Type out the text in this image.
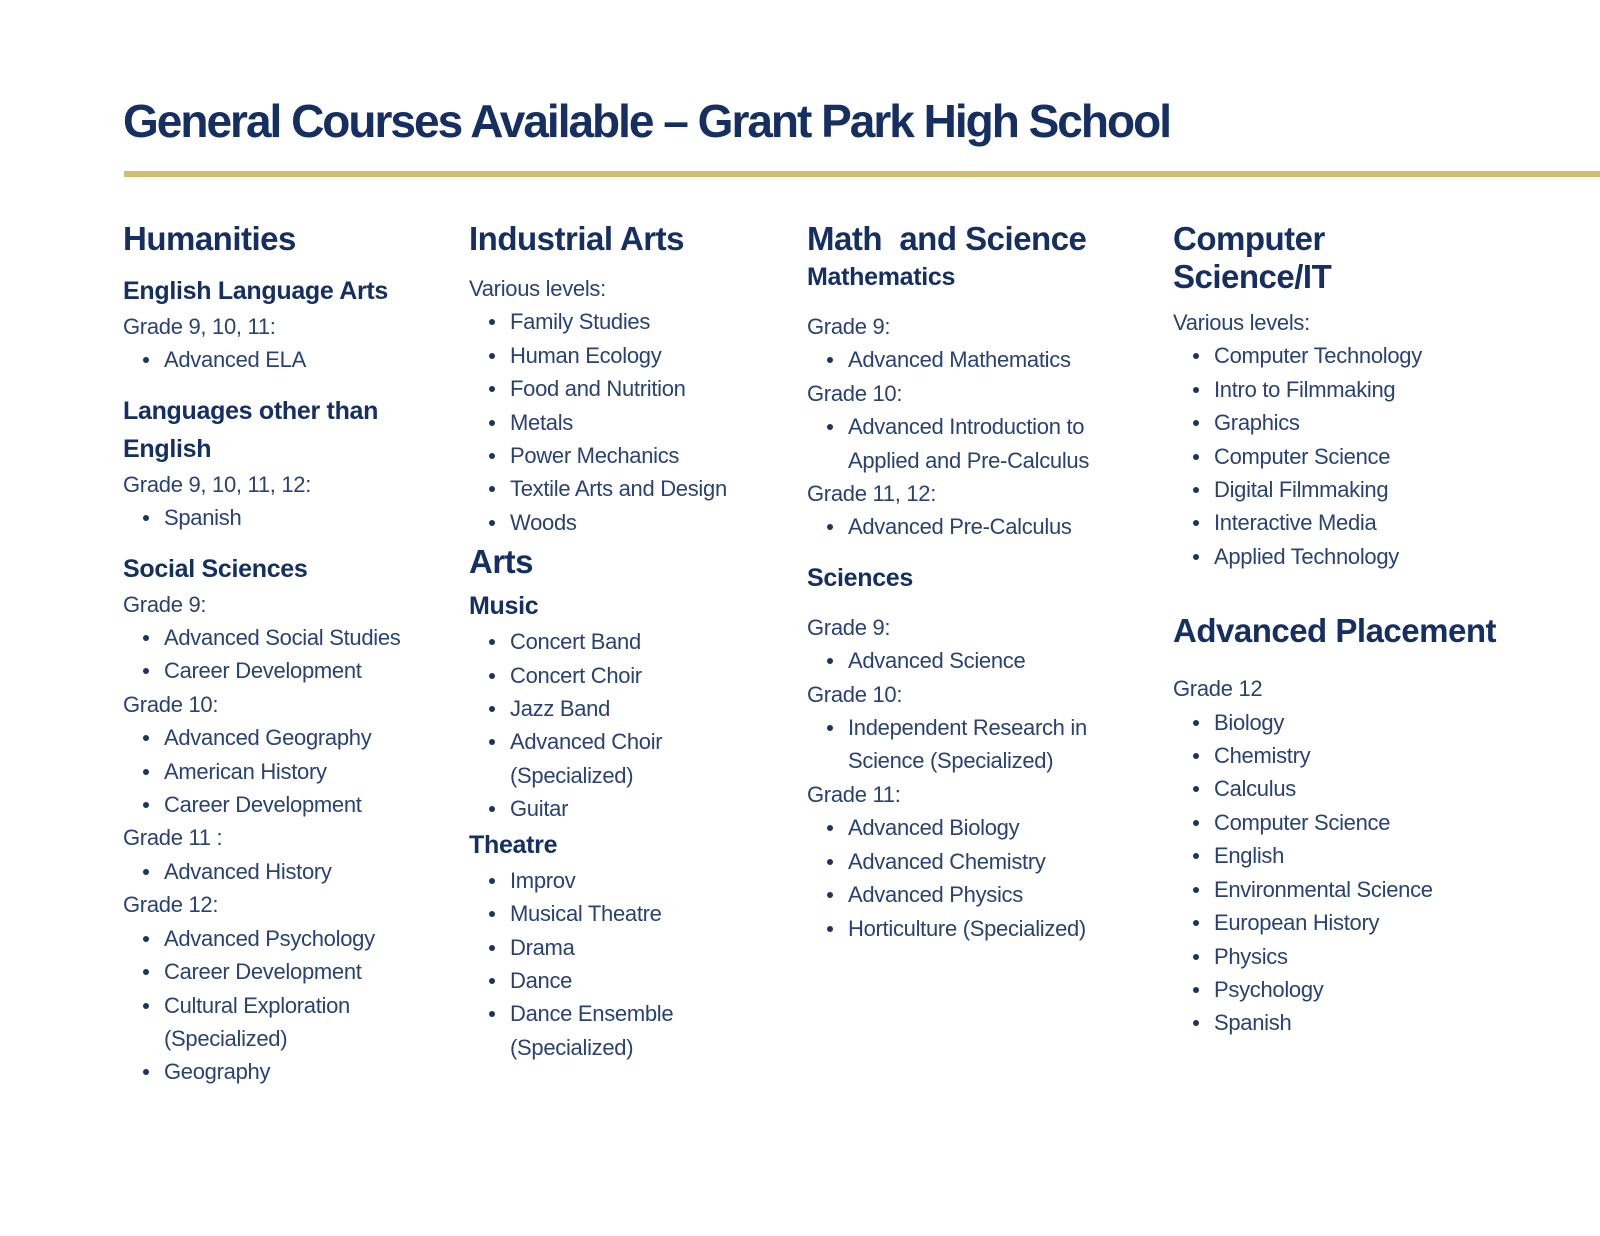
General Courses Available – Grant Park High School
Humanities
English Language Arts
Grade 9, 10, 11:
Advanced ELA
Languages other than
English
Grade 9, 10, 11, 12:
Spanish
Social Sciences
Grade 9:
Advanced Social Studies
Career Development
Grade 10:
Advanced Geography
American History
Career Development
Grade 11 :
Advanced History
Grade 12:
Advanced Psychology
Career Development
Cultural Exploration
(Specialized)
Geography
Industrial Arts
Various levels:
Family Studies
Human Ecology
Food and Nutrition
Metals
Power Mechanics
Textile Arts and Design
Woods
Arts
Music
Concert Band
Concert Choir
Jazz Band
Advanced Choir
(Specialized)
Guitar
Theatre
Improv
Musical Theatre
Drama
Dance
Dance Ensemble
(Specialized)
Math  and Science
Mathematics
Grade 9:
Advanced Mathematics
Grade 10:
Advanced Introduction to
Applied and Pre-Calculus
Grade 11, 12:
Advanced Pre-Calculus
Sciences
Grade 9:
Advanced Science
Grade 10:
Independent Research in
Science (Specialized)
Grade 11:
Advanced Biology
Advanced Chemistry
Advanced Physics
Horticulture (Specialized)
Computer
Science/IT
Various levels:
Computer Technology
Intro to Filmmaking
Graphics
Computer Science
Digital Filmmaking
Interactive Media
Applied Technology
Advanced Placement
Grade 12
Biology
Chemistry
Calculus
Computer Science
English
Environmental Science
European History
Physics
Psychology
Spanish
